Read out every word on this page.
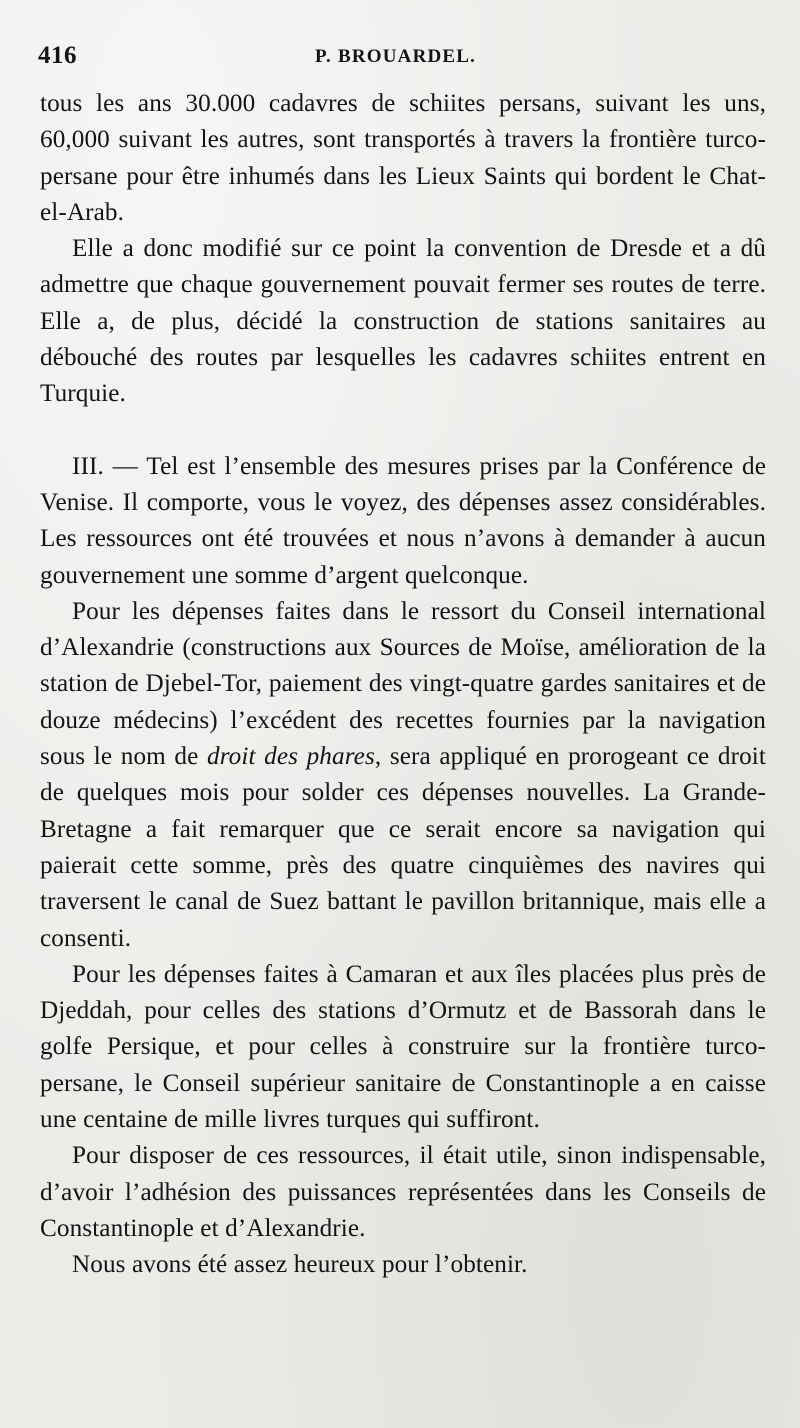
416	P. BROUARDEL.

tous les ans 30.000 cadavres de schiites persans, suivant les uns, 60,000 suivant les autres, sont transportés à travers la frontière turco-persane pour être inhumés dans les Lieux Saints qui bordent le Chat-el-Arab.

Elle a donc modifié sur ce point la convention de Dresde et a dû admettre que chaque gouvernement pouvait fermer ses routes de terre. Elle a, de plus, décidé la construction de stations sanitaires au débouché des routes par lesquelles les cadavres schiites entrent en Turquie.

III. — Tel est l’ensemble des mesures prises par la Conférence de Venise. Il comporte, vous le voyez, des dépenses assez considérables. Les ressources ont été trouvées et nous n’avons à demander à aucun gouvernement une somme d’argent quelconque.

Pour les dépenses faites dans le ressort du Conseil international d’Alexandrie (constructions aux Sources de Moïse, amélioration de la station de Djebel-Tor, paiement des vingt-quatre gardes sanitaires et de douze médecins) l’excédent des recettes fournies par la navigation sous le nom de droit des phares, sera appliqué en prorogeant ce droit de quelques mois pour solder ces dépenses nouvelles. La Grande-Bretagne a fait remarquer que ce serait encore sa navigation qui paierait cette somme, près des quatre cinquièmes des navires qui traversent le canal de Suez battant le pavillon britannique, mais elle a consenti.

Pour les dépenses faites à Camaran et aux îles placées plus près de Djeddah, pour celles des stations d’Ormutz et de Bassorah dans le golfe Persique, et pour celles à construire sur la frontière turco-persane, le Conseil supérieur sanitaire de Constantinople a en caisse une centaine de mille livres turques qui suffiront.

Pour disposer de ces ressources, il était utile, sinon indispensable, d’avoir l’adhésion des puissances représentées dans les Conseils de Constantinople et d’Alexandrie.

Nous avons été assez heureux pour l’obtenir.
